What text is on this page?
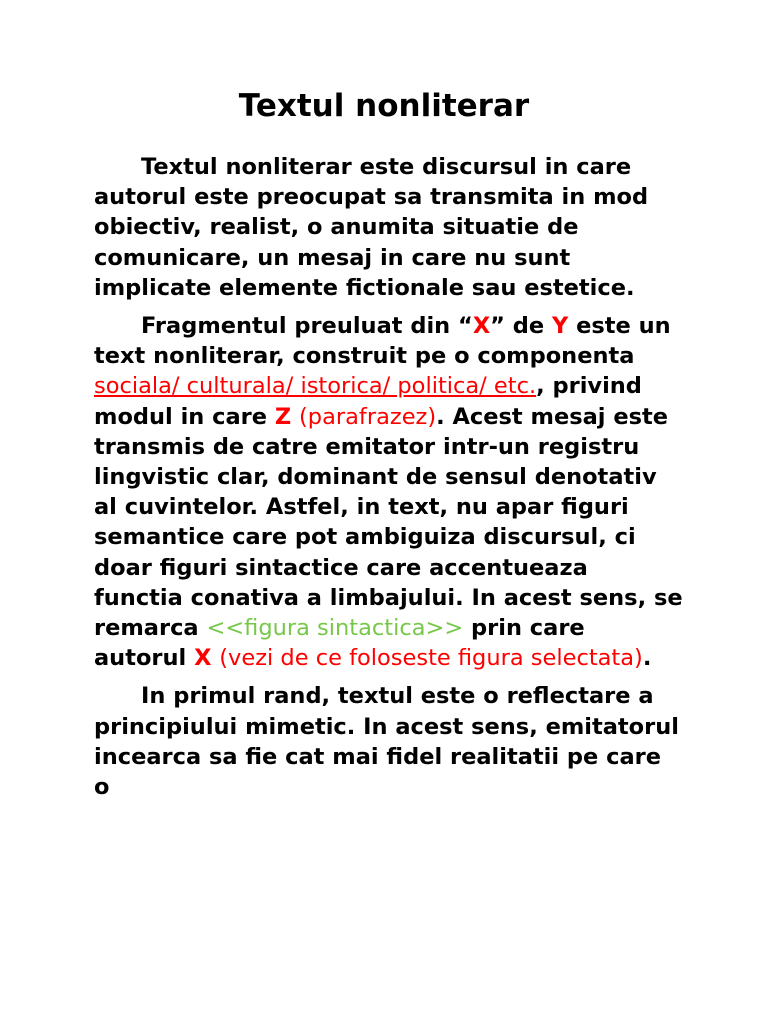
Textul nonliterar

Textul nonliterar este discursul in care autorul este preocupat sa transmita in mod obiectiv, realist, o anumita situatie de comunicare, un mesaj in care nu sunt implicate elemente fictionale sau estetice.

Fragmentul preuluat din “X” de Y este un text nonliterar, construit pe o componenta sociala/ culturala/ istorica/ politica/ etc., privind modul in care Z (parafrazez). Acest mesaj este transmis de catre emitator intr-un registru lingvistic clar, dominant de sensul denotativ al cuvintelor. Astfel, in text, nu apar figuri semantice care pot ambiguiza discursul, ci doar figuri sintactice care accentueaza functia conativa a limbajului. In acest sens, se remarca <<figura sintactica>> prin care autorul X (vezi de ce foloseste figura selectata).

In primul rand, textul este o reflectare a principiului mimetic. In acest sens, emitatorul incearca sa fie cat mai fidel realitatii pe care o
